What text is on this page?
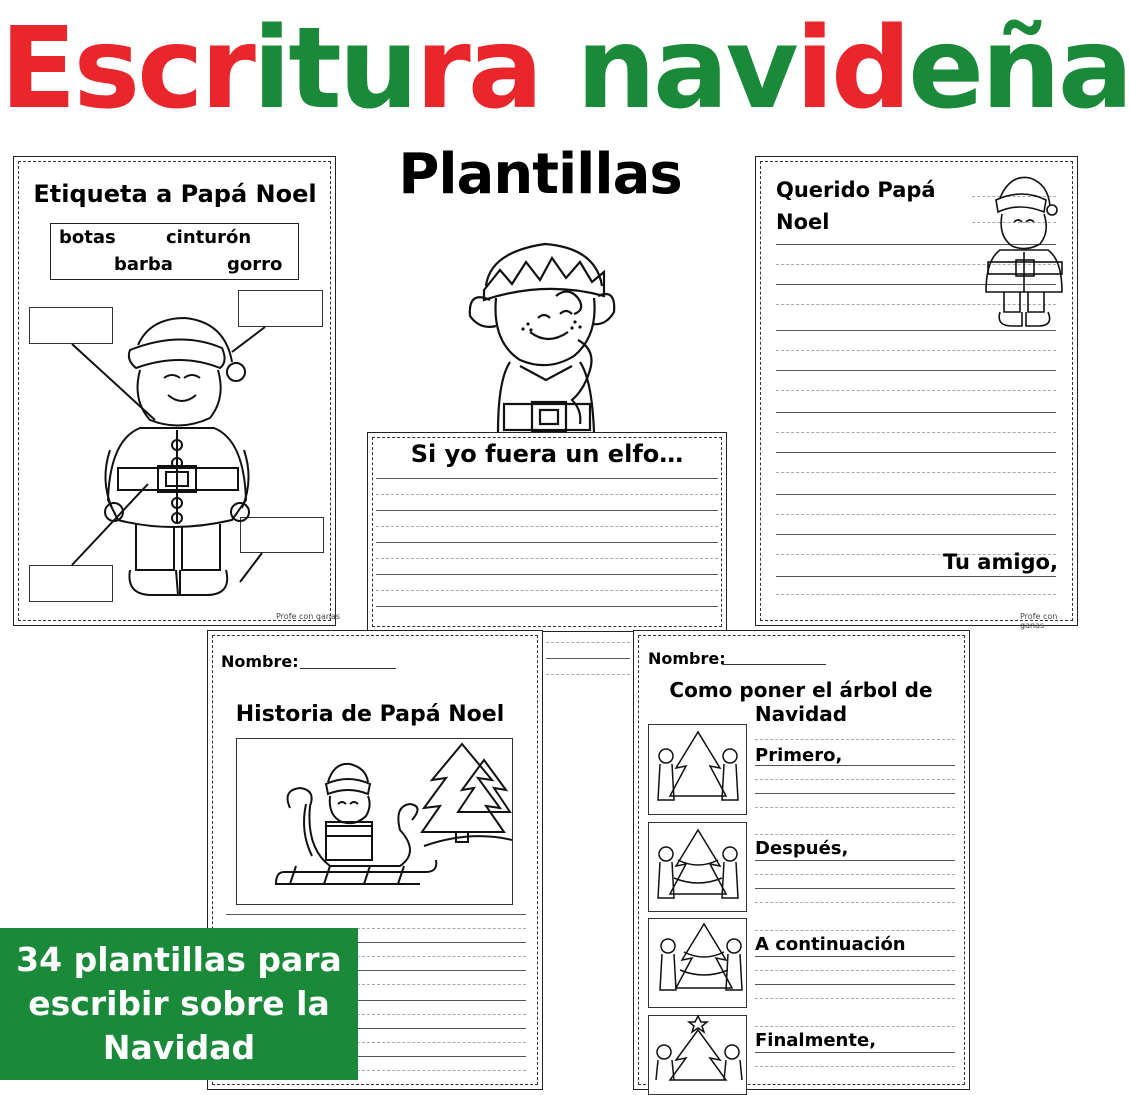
Escritura navideña
Plantillas
Etiqueta a Papá Noel
botas	cinturón
barba	gorro
Profe con ganas
Si yo fuera un elfo…
Querido Papá
Noel
Tu amigo,
Profe con ganas
Nombre:
Historia de Papá Noel
Nombre:
Como poner el árbol de
Navidad
Primero,
Después,
A continuación
Finalmente,
34 plantillas para
escribir sobre la
Navidad
